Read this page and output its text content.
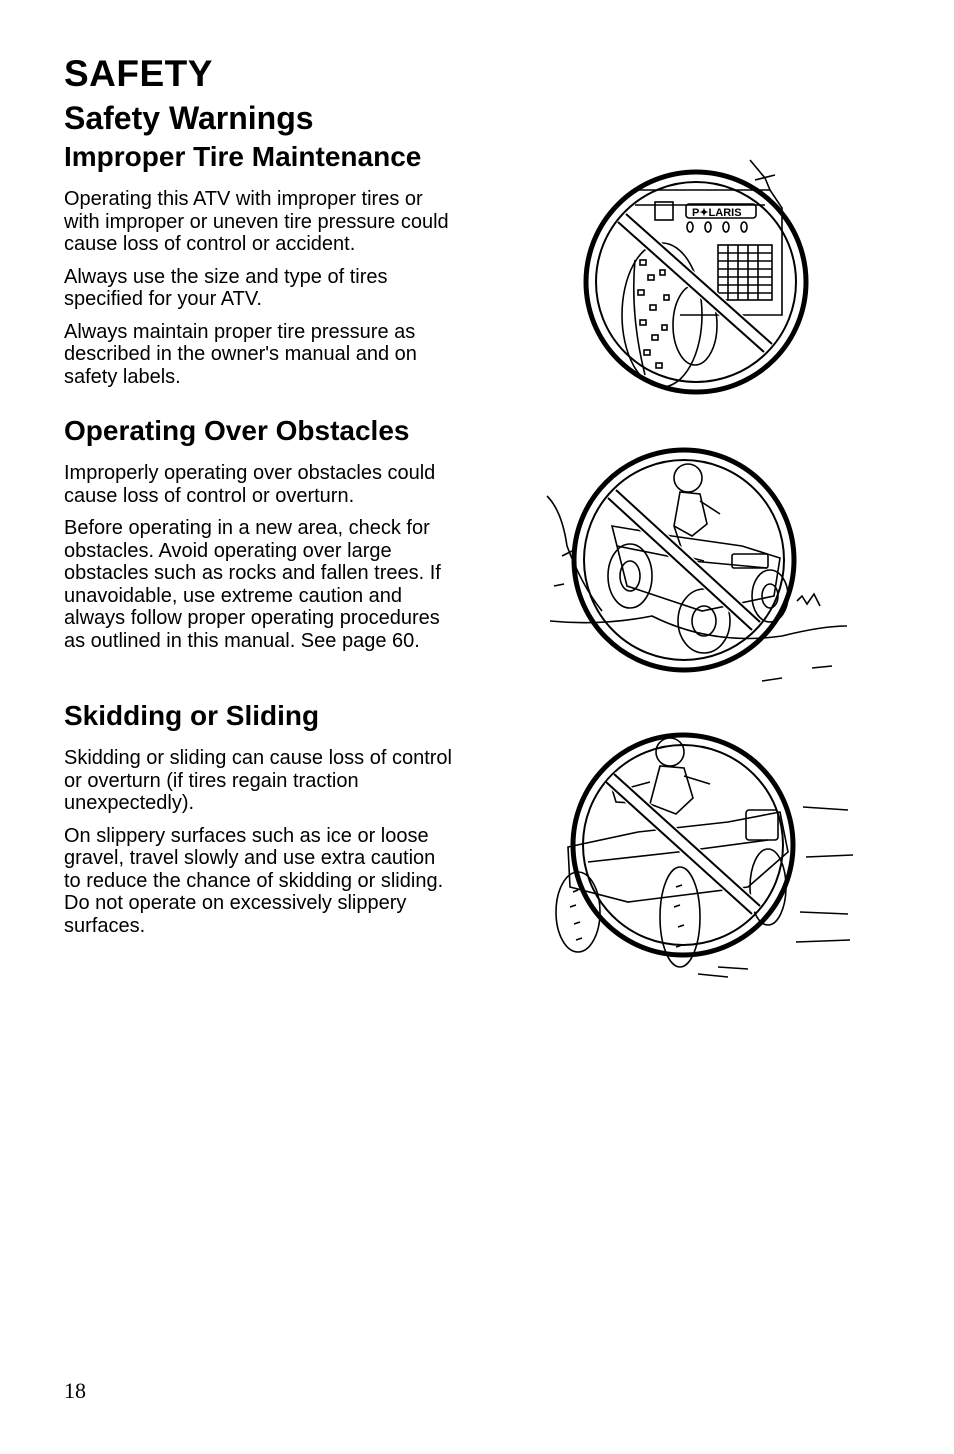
SAFETY
Safety Warnings
Improper Tire Maintenance

Operating this ATV with improper tires or
with improper or uneven tire pressure could
cause loss of control or accident.

Always use the size and type of tires
specified for your ATV.

Always maintain proper tire pressure as
described in the owner's manual and on
safety labels.

Operating Over Obstacles

Improperly operating over obstacles could
cause loss of control or overturn.

Before operating in a new area, check for
obstacles. Avoid operating over large
obstacles such as rocks and fallen trees. If
unavoidable, use extreme caution and
always follow proper operating procedures
as outlined in this manual. See page 60.

Skidding or Sliding

Skidding or sliding can cause loss of control
or overturn (if tires regain traction
unexpectedly).

On slippery surfaces such as ice or loose
gravel, travel slowly and use extra caution
to reduce the chance of skidding or sliding.
Do not operate on excessively slippery
surfaces.

P✦LARIS
18
